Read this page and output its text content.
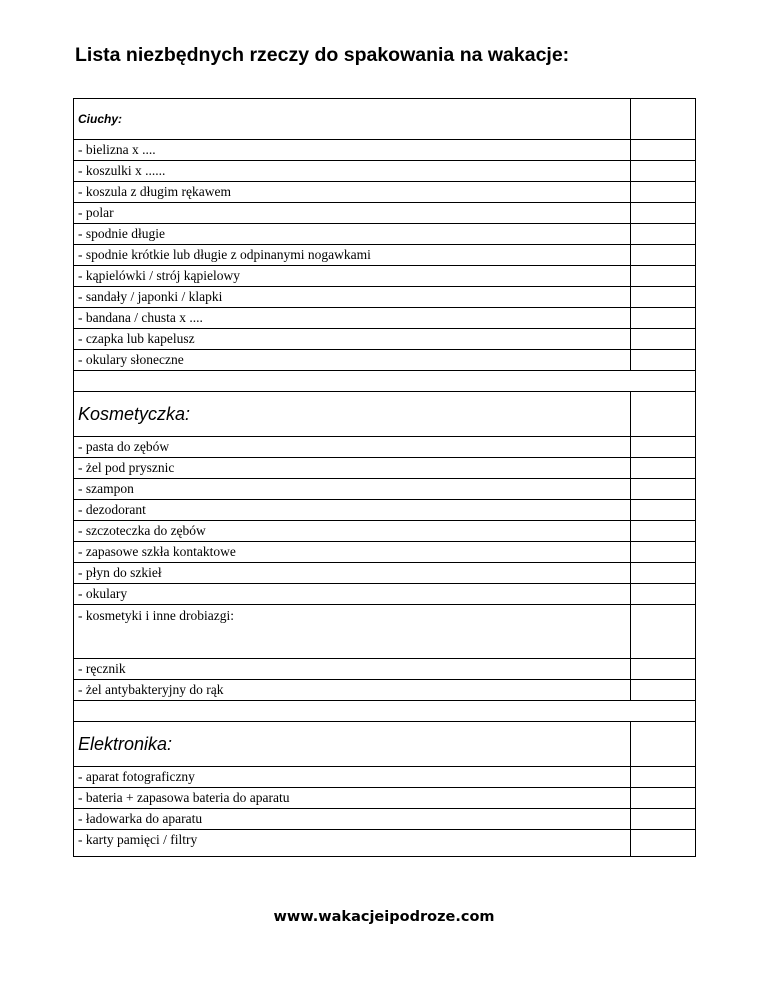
Lista niezbędnych rzeczy do spakowania na wakacje:
Ciuchy:	
- bielizna x ....	
- koszulki x ......	
- koszula z długim rękawem	
- polar	
- spodnie długie	
- spodnie krótkie lub długie z odpinanymi nogawkami	
- kąpielówki / strój kąpielowy	
- sandały / japonki / klapki	
- bandana / chusta x ....	
- czapka lub kapelusz	
- okulary słoneczne	

Kosmetyczka:	
- pasta do zębów	
- żel pod prysznic	
- szampon	
- dezodorant	
- szczoteczka do zębów	
- zapasowe szkła kontaktowe	
- płyn do szkieł	
- okulary	
- kosmetyki i inne drobiazgi:	
- ręcznik	
- żel antybakteryjny do rąk	

Elektronika:	
- aparat fotograficzny	
- bateria + zapasowa bateria do aparatu	
- ładowarka do aparatu	
- karty pamięci / filtry	
www.wakacjeipodroze.com
